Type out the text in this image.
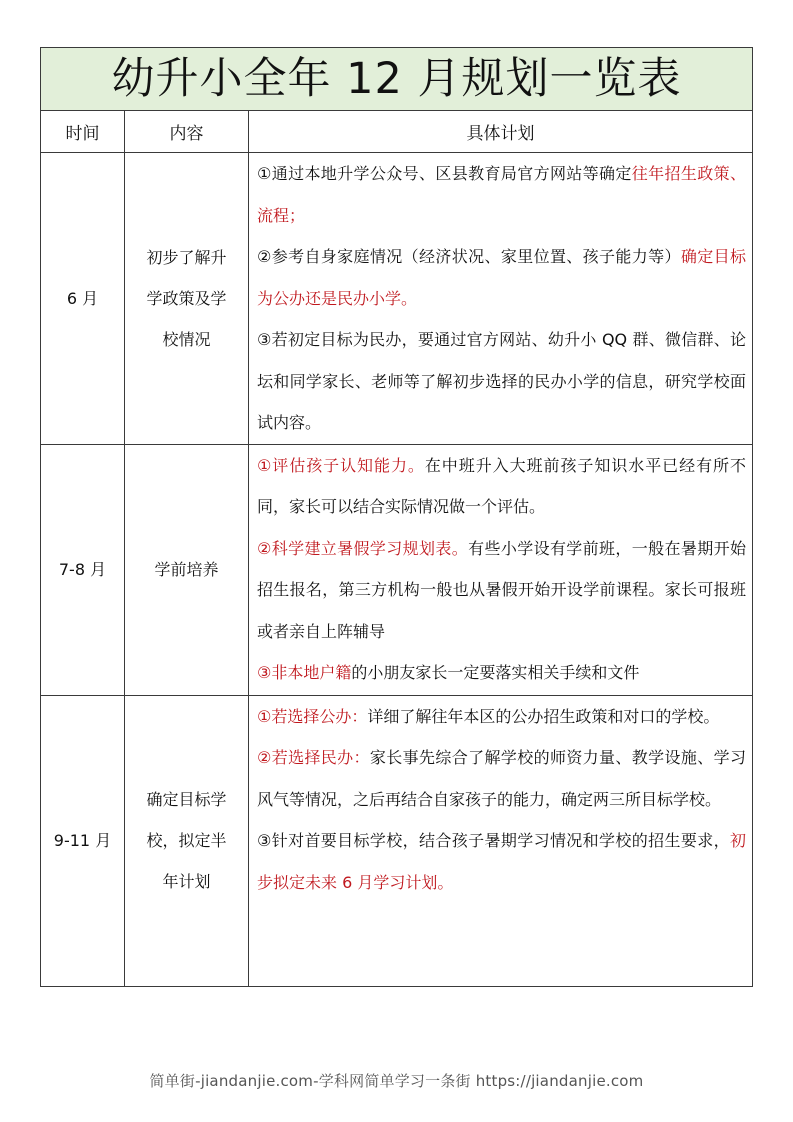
幼升小全年 12 月规划一览表		
时间	内容	具体计划
6 月	初步了解升学政策及学校情况	①通过本地升学公众号、区县教育局官方网站等确定往年招生政策、流程；
②参考自身家庭情况（经济状况、家里位置、孩子能力等）确定目标为公办还是民办小学。
③若初定目标为民办，要通过官方网站、幼升小 QQ 群、微信群、论坛和同学家长、老师等了解初步选择的民办小学的信息，研究学校面试内容。

7-8 月	学前培养	①评估孩子认知能力。在中班升入大班前孩子知识水平已经有所不同，家长可以结合实际情况做一个评估。
②科学建立暑假学习规划表。有些小学设有学前班，一般在暑期开始招生报名，第三方机构一般也从暑假开始开设学前课程。家长可报班或者亲自上阵辅导
③非本地户籍的小朋友家长一定要落实相关手续和文件

9-11 月	确定目标学校，拟定半年计划	①若选择公办：详细了解往年本区的公办招生政策和对口的学校。
②若选择民办：家长事先综合了解学校的师资力量、教学设施、学习风气等情况，之后再结合自家孩子的能力，确定两三所目标学校。
③针对首要目标学校，结合孩子暑期学习情况和学校的招生要求，初步拟定未来 6 月学习计划。
简单街-jiandanjie.com-学科网简单学习一条街 https://jiandanjie.com
